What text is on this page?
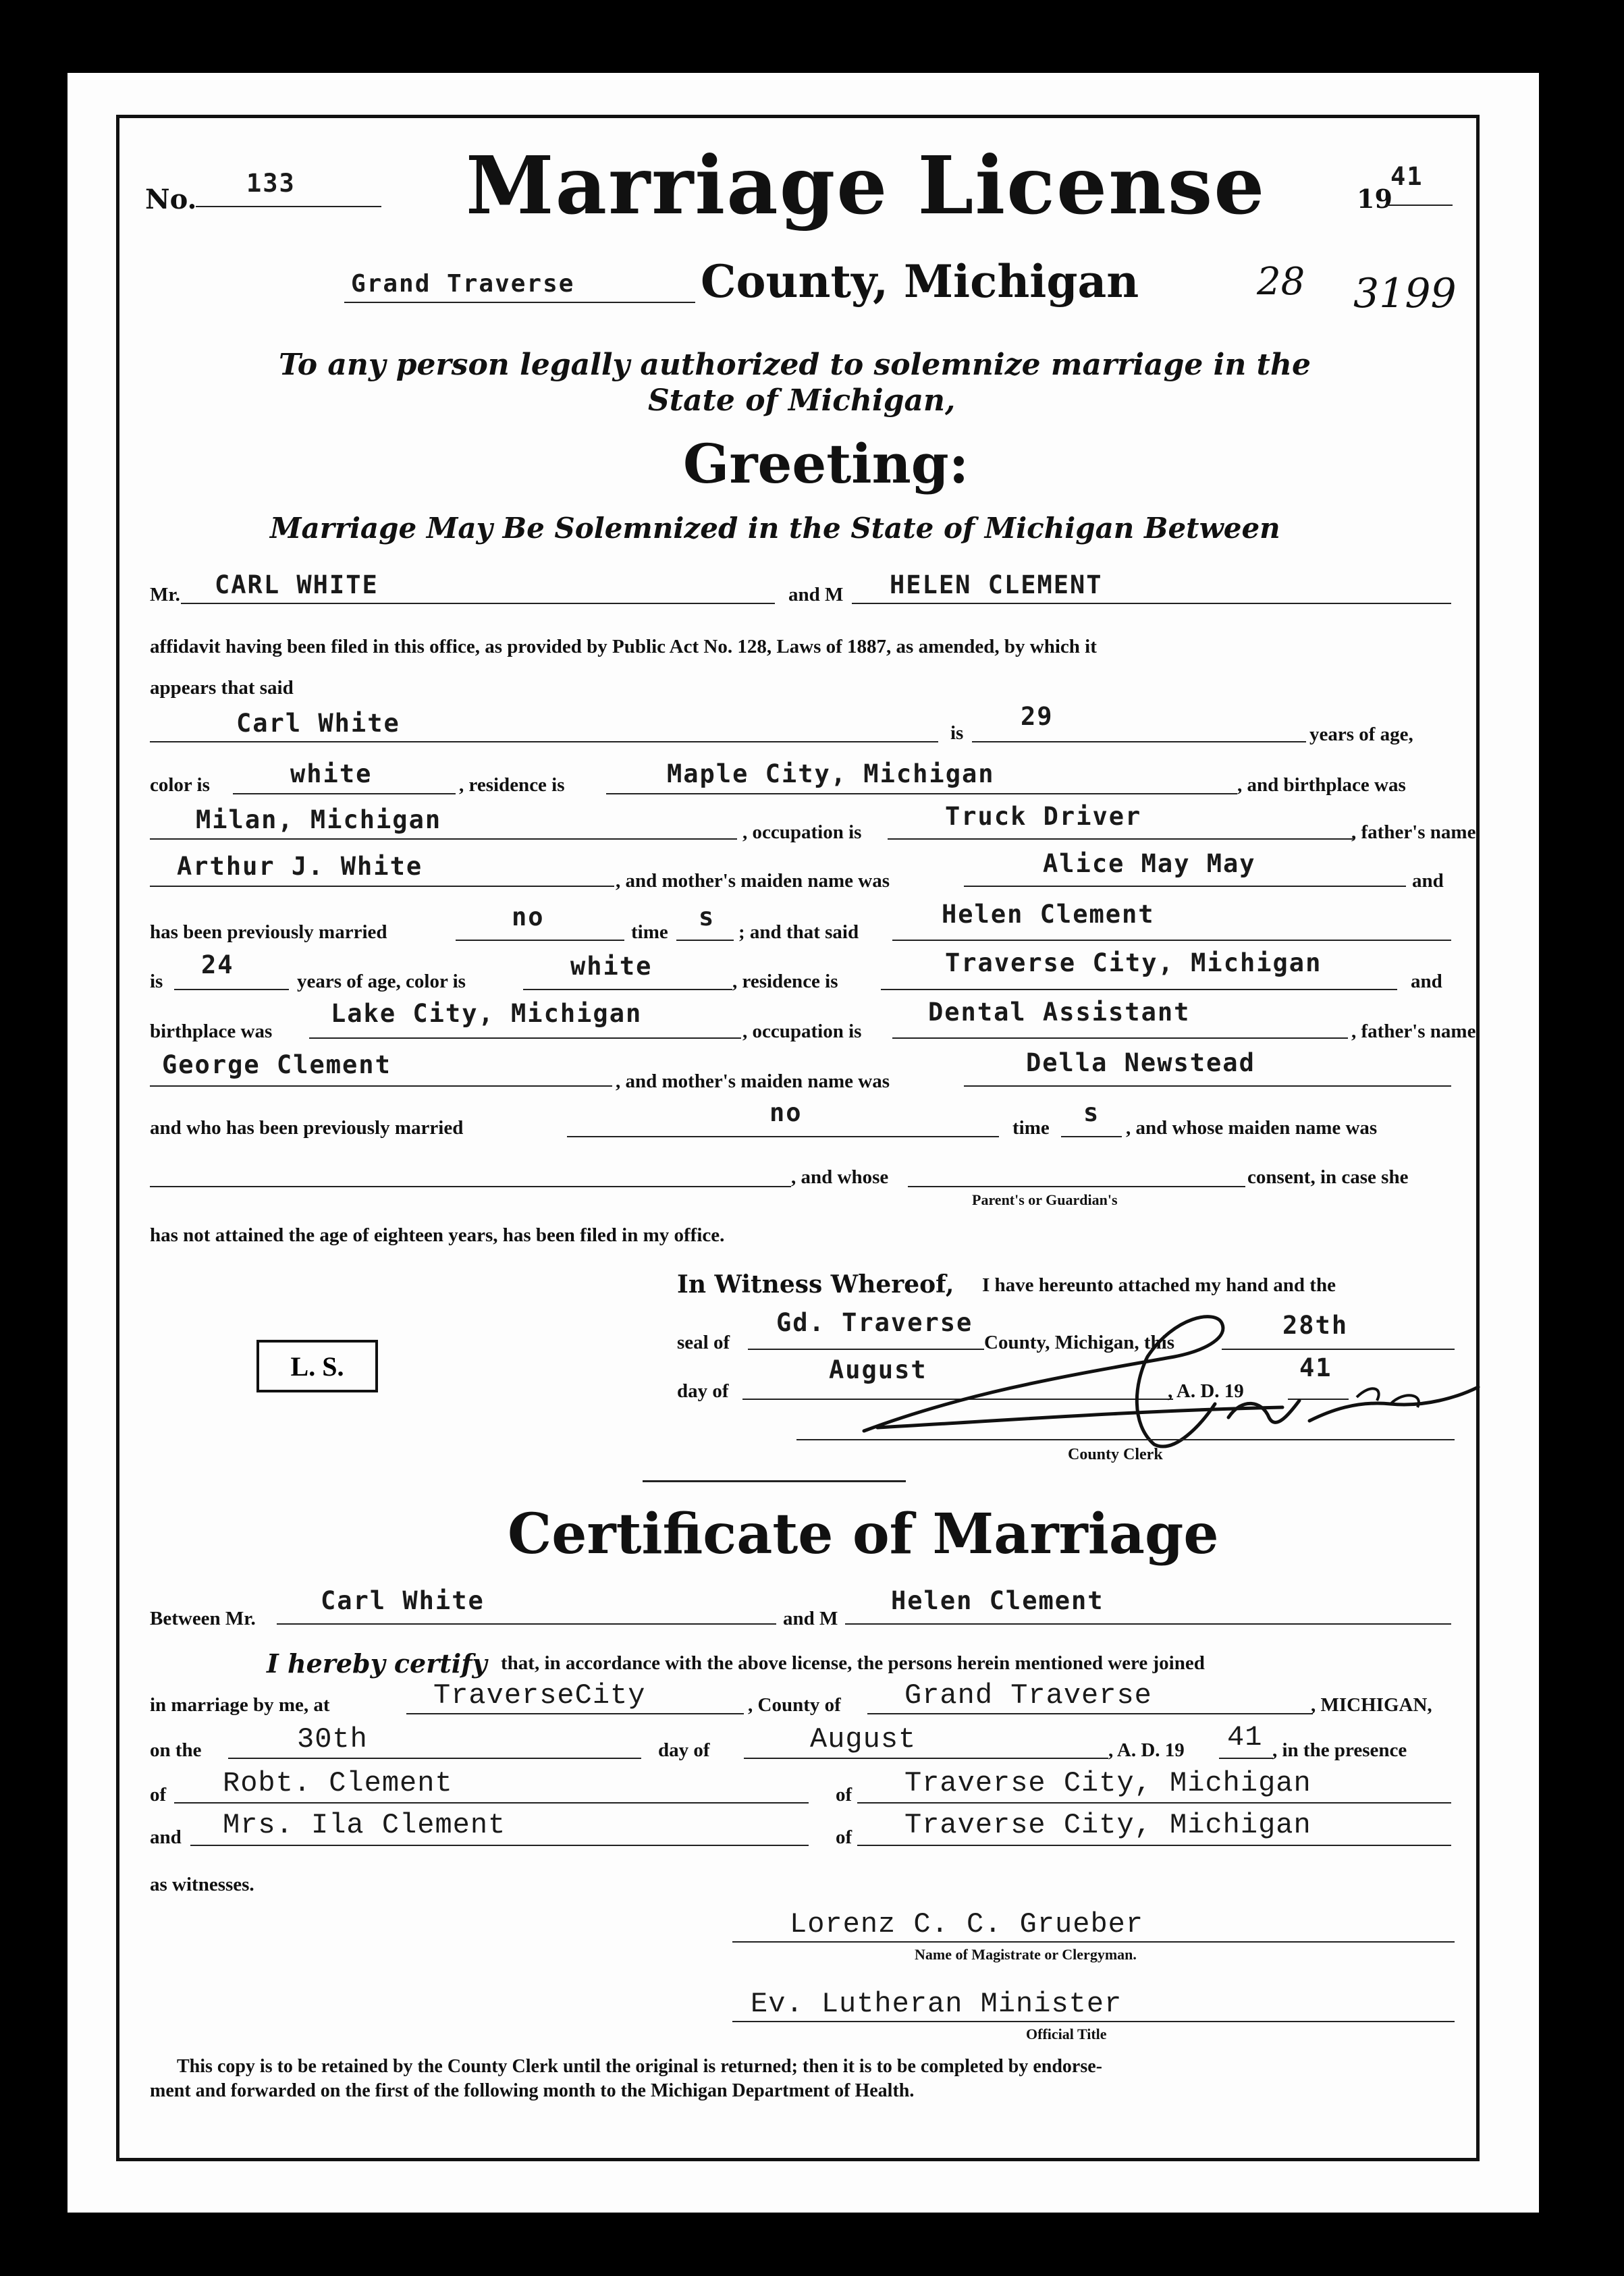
This space reserved for binding
No.
133 Marriage License	19
41
Grand Traverse	County, Michigan	28 3199
To any person legally authorized to solemnize marriage in the
State of Michigan,
Greeting:
Marriage May Be Solemnized in the State of Michigan Between
Mr. CARL WHITE	and M HELEN CLEMENT
affidavit having been filed in this office, as provided by Public Act No. 128, Laws of 1887, as amended, by which it
appears that said
Carl White	is
29
years of age,
color is	white	, residence is	Maple City, Michigan	, and birthplace was
Milan, Michigan	, occupation is
Truck Driver
, father's name
Arthur J. White	, and mother's maiden name was
Alice May May
and
has been previously married
no
time
s
; and that said
Helen Clement
is
24
years of age, color is
white
, residence is
Traverse City, Michigan
and
birthplace was
Lake City, Michigan
, occupation is
Dental Assistant
, father's name
George Clement
, and mother's maiden name was
Della Newstead
and who has been previously married
no
time
s
, and whose maiden name was
, and whose	consent, in case she
Parent's or Guardian's
has not attained the age of eighteen years, has been filed in my office.
In Witness Whereof, I have hereunto attached my hand and the
seal of
Gd. Traverse
County, Michigan, this
28th
day of
August
, A. D. 19
41
L. S.
County Clerk
Certificate of Marriage
Between Mr.
Carl White
and M
Helen Clement
I hereby certify that, in accordance with the above license, the persons herein mentioned were joined
in marriage by me, at	TraverseCity	, County of Grand Traverse	, MICHIGAN,
on the	30th	day of	August	, A. D. 19 41 , in the presence
of Robt. Clement	of Traverse City, Michigan
and Mrs. Ila Clement	of Traverse City, Michigan
as witnesses.
Lorenz C. C. Grueber
Name of Magistrate or Clergyman.
Ev. Lutheran Minister
Official Title
This copy is to be retained by the County Clerk until the original is returned; then it is to be completed by endorse-
ment and forwarded on the first of the following month to the Michigan Department of Health.
